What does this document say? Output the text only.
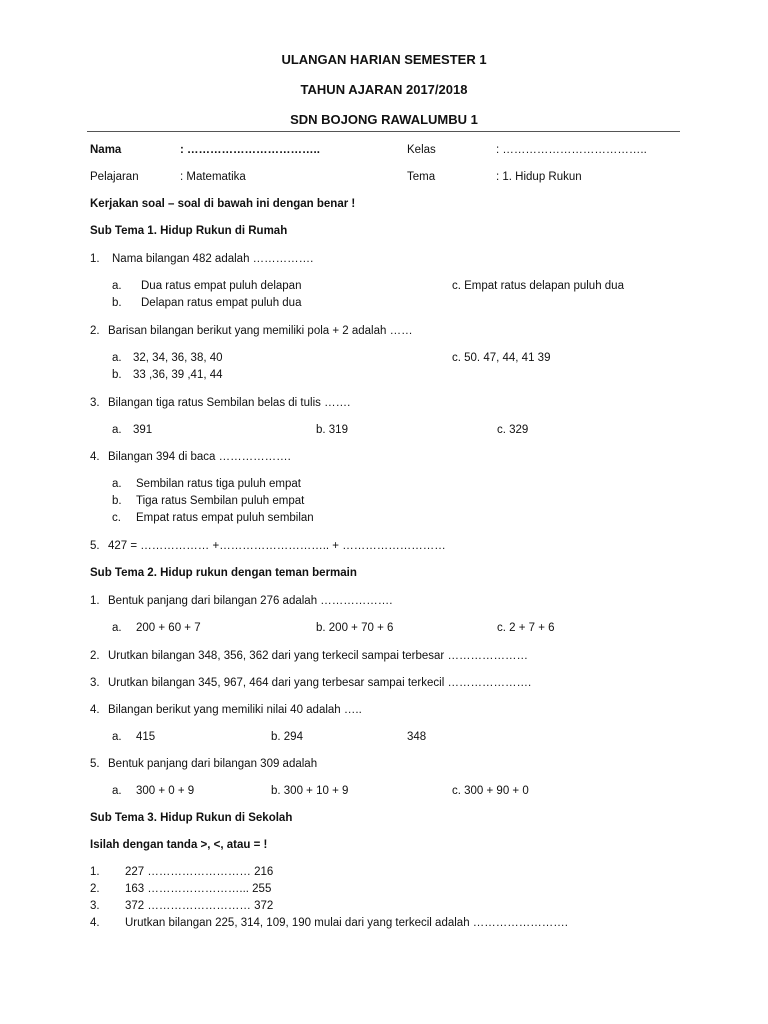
ULANGAN HARIAN SEMESTER 1
TAHUN AJARAN 2017/2018
SDN BOJONG RAWALUMBU 1
Nama	: ……………………………..	Kelas	: ………………………………..
Pelajaran	: Matematika	Tema	: 1. Hidup Rukun
Kerjakan soal – soal di bawah ini dengan benar !
Sub Tema 1. Hidup Rukun di Rumah
1. Nama bilangan 482 adalah …………….
a. Dua ratus empat puluh delapan	c. Empat ratus delapan puluh dua
b. Delapan ratus empat puluh dua
2. Barisan bilangan berikut yang memiliki pola + 2 adalah ……
a. 32, 34, 36, 38, 40	c. 50. 47, 44, 41 39
b. 33 ,36, 39 ,41, 44
3. Bilangan tiga ratus Sembilan belas di tulis …….
a. 391	b. 319	c. 329
4. Bilangan 394 di baca ……………….
a. Sembilan ratus tiga puluh empat
b. Tiga ratus Sembilan puluh empat
c. Empat ratus empat puluh sembilan
5. 427 = ……………… +……………………….. + ………………………
Sub Tema 2. Hidup rukun dengan teman bermain
1. Bentuk panjang dari bilangan 276 adalah ……………….
a. 200 + 60 + 7	b. 200 + 70 + 6	c. 2 + 7 + 6
2. Urutkan bilangan 348, 356, 362 dari yang terkecil sampai terbesar …………………
3. Urutkan bilangan 345, 967, 464 dari yang terbesar sampai terkecil ………………….
4. Bilangan berikut yang memiliki nilai 40 adalah …..
a. 415	b. 294	348
5. Bentuk panjang dari bilangan 309 adalah
a. 300 + 0 + 9	b. 300 + 10 + 9	c. 300 + 90 + 0
Sub Tema 3. Hidup Rukun di Sekolah
Isilah dengan tanda >, <, atau = !
1. 227 ……………………… 216
2. 163 ……………………... 255
3. 372 ……………………… 372
4. Urutkan bilangan 225, 314, 109, 190 mulai dari yang terkecil adalah …………………….
